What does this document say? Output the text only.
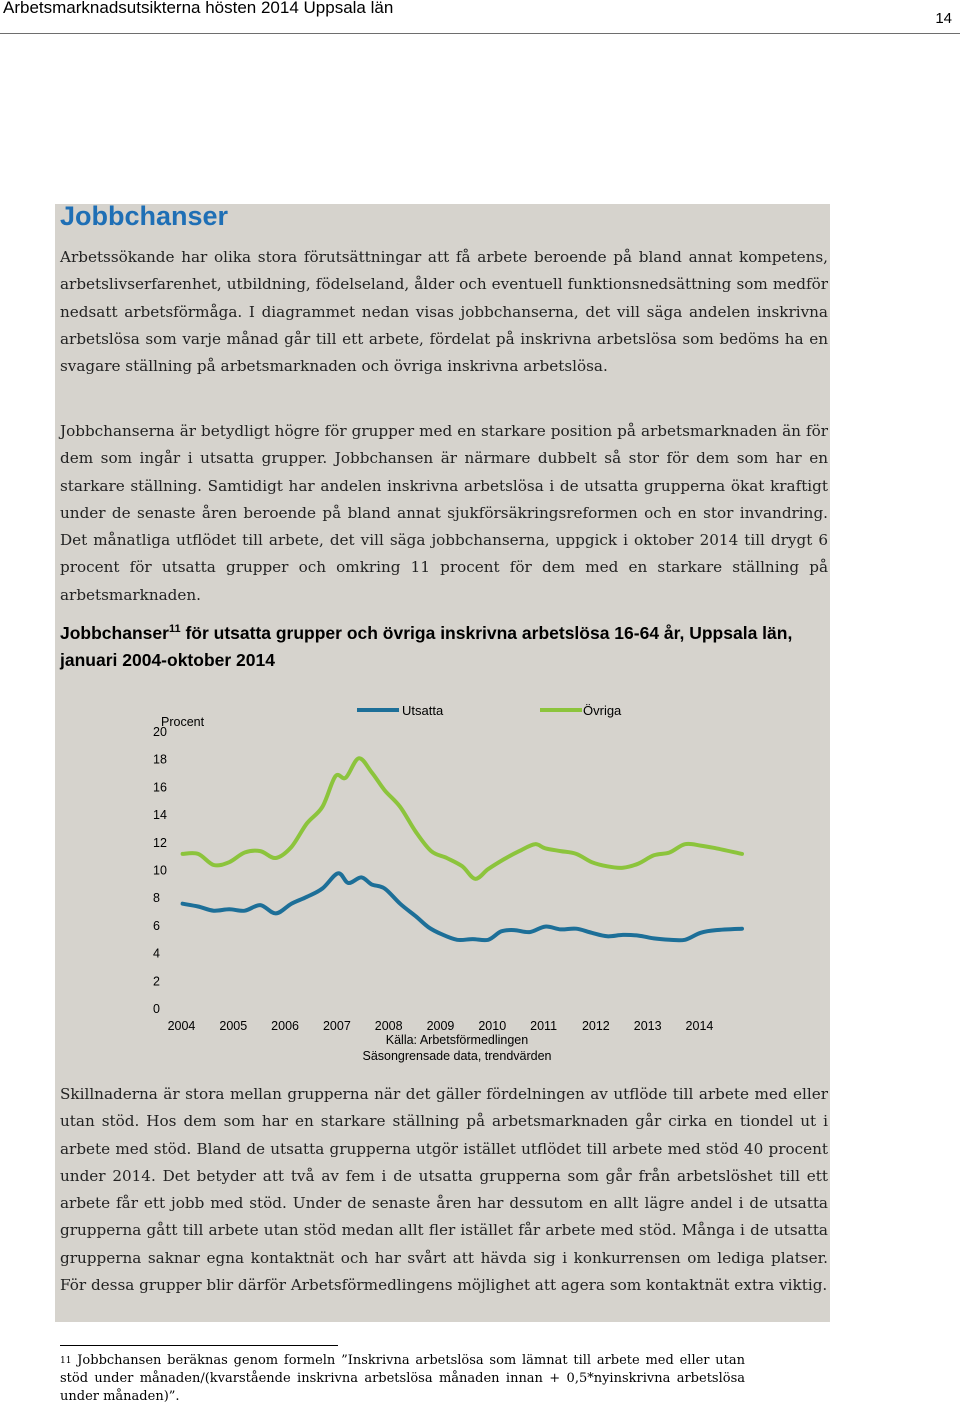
Arbetsmarknadsutsikterna hösten 2014 Uppsala län
14
Jobbchanser

Arbetssökande har olika stora förutsättningar att få arbete beroende på bland annat kompetens, arbetslivserfarenhet, utbildning, födelseland, ålder och eventuell funktionsnedsättning som medför nedsatt arbetsförmåga. I diagrammet nedan visas jobbchanserna, det vill säga andelen inskrivna arbetslösa som varje månad går till ett arbete, fördelat på inskrivna arbetslösa som bedöms ha en svagare ställning på arbetsmarknaden och övriga inskrivna arbetslösa.

Jobbchanserna är betydligt högre för grupper med en starkare position på arbetsmarknaden än för dem som ingår i utsatta grupper. Jobbchansen är närmare dubbelt så stor för dem som har en starkare ställning. Samtidigt har andelen inskrivna arbetslösa i de utsatta grupperna ökat kraftigt under de senaste åren beroende på bland annat sjukförsäkringsreformen och en stor invandring. Det månatliga utflödet till arbete, det vill säga jobbchanserna, uppgick i oktober 2014 till drygt 6 procent för utsatta grupper och omkring 11 procent för dem med en starkare ställning på arbetsmarknaden.

Jobbchanser$^{11}$ för utsatta grupper och övriga inskrivna arbetslösa 16-64 år, Uppsala län, januari 2004-oktober 2014

Utsatta	Övriga
Procent
0
2
4
6
8
10
12
14
16
18
20
2004 2005 2006 2007 2008 2009 2010 2011 2012 2013 2014
Källa: Arbetsförmedlingen
Säsongrensade data, trendvärden

Skillnaderna är stora mellan grupperna när det gäller fördelningen av utflöde till arbete med eller utan stöd. Hos dem som har en starkare ställning på arbetsmarknaden går cirka en tiondel ut i arbete med stöd. Bland de utsatta grupperna utgör istället utflödet till arbete med stöd 40 procent under 2014. Det betyder att två av fem i de utsatta grupperna som går från arbetslöshet till ett arbete får ett jobb med stöd. Under de senaste åren har dessutom en allt lägre andel i de utsatta grupperna gått till arbete utan stöd medan allt fler istället får arbete med stöd. Många i de utsatta grupperna saknar egna kontaktnät och har svårt att hävda sig i konkurrensen om lediga platser. För dessa grupper blir därför Arbetsförmedlingens möjlighet att agera som kontaktnät extra viktig.

$^{11}$ Jobbchansen beräknas genom formeln ”Inskrivna arbetslösa som lämnat till arbete med eller utan stöd under månaden/(kvarstående inskrivna arbetslösa månaden innan + 0,5*nyinskrivna arbetslösa under månaden)”.
